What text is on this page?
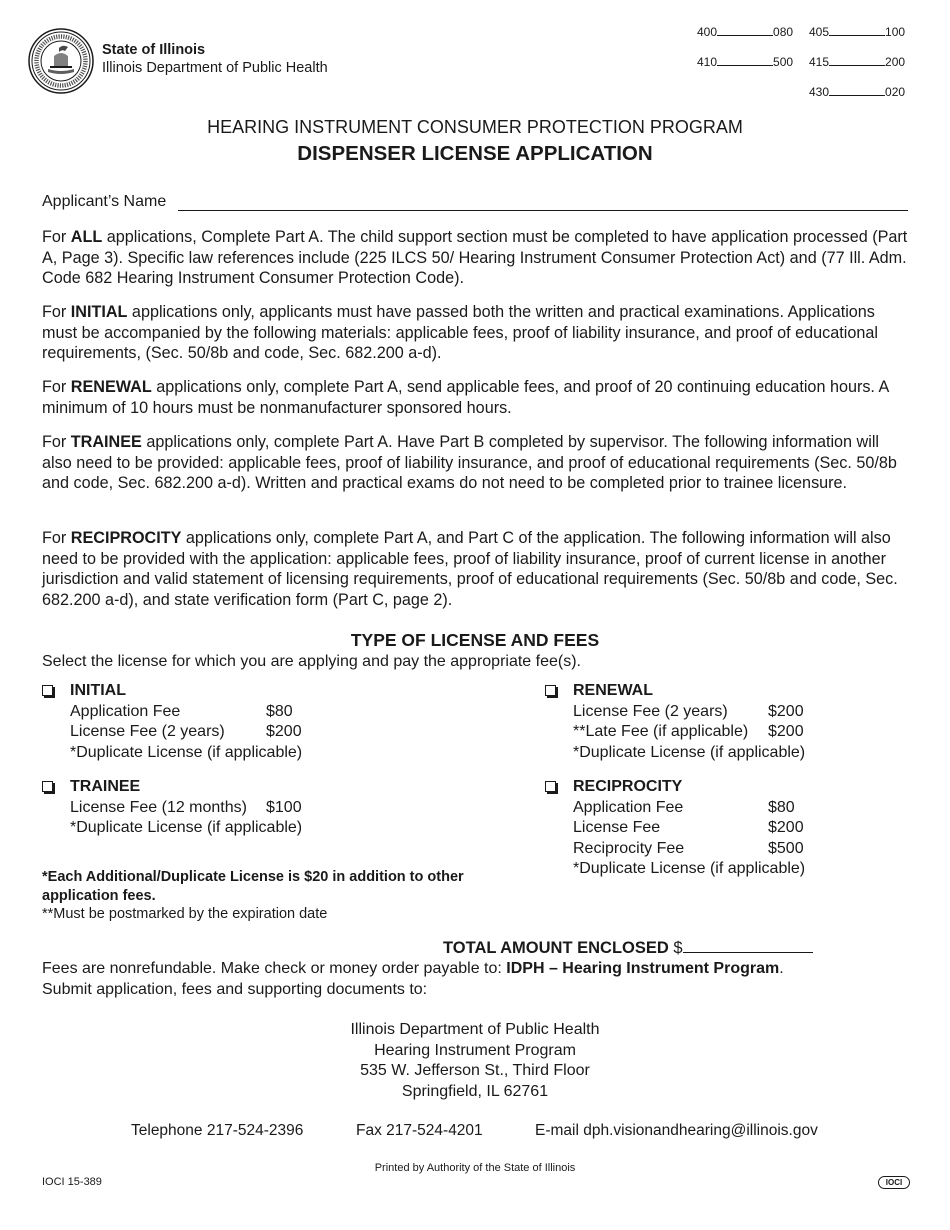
State of Illinois
Illinois Department of Public Health
400	080 405	100
410	500 415	200
430	020
HEARING INSTRUMENT CONSUMER PROTECTION PROGRAM
DISPENSER LICENSE APPLICATION
Applicant’s Name

For ALL applications, Complete Part A. The child support section must be completed to have application processed (Part A, Page 3). Specific law references include (225 ILCS 50/ Hearing Instrument Consumer Protection Act) and (77 Ill. Adm. Code 682 Hearing Instrument Consumer Protection Code).

For INITIAL applications only, applicants must have passed both the written and practical examinations. Applications must be accompanied by the following materials: applicable fees, proof of liability insurance, and proof of educational requirements, (Sec. 50/8b and code, Sec. 682.200 a-d).

For RENEWAL applications only, complete Part A, send applicable fees, and proof of 20 continuing education hours. A minimum of 10 hours must be nonmanufacturer sponsored hours.

For TRAINEE applications only, complete Part A. Have Part B completed by supervisor. The following information will also need to be provided: applicable fees, proof of liability insurance, and proof of educational requirements (Sec. 50/8b and code, Sec. 682.200 a-d). Written and practical exams do not need to be completed prior to trainee licensure.

For RECIPROCITY applications only, complete Part A, and Part C of the application. The following information will also need to be provided with the application: applicable fees, proof of liability insurance, proof of current license in another jurisdiction and valid statement of licensing requirements, proof of educational requirements (Sec. 50/8b and code, Sec. 682.200 a-d), and state verification form (Part C, page 2).

TYPE OF LICENSE AND FEES
Select the license for which you are applying and pay the appropriate fee(s).
INITIAL
Application Fee	$80
License Fee (2 years)	$200
*Duplicate License (if applicable)
TRAINEE
License Fee (12 months)	$100
*Duplicate License (if applicable)
RENEWAL
License Fee (2 years)	$200
**Late Fee (if applicable)	$200
*Duplicate License (if applicable)
RECIPROCITY
Application Fee	$80
License Fee	$200
Reciprocity Fee	$500
*Duplicate License (if applicable)
*Each Additional/Duplicate License is $20 in addition to other application fees.
**Must be postmarked by the expiration date
TOTAL AMOUNT ENCLOSED $
Fees are nonrefundable. Make check or money order payable to: IDPH – Hearing Instrument Program.
Submit application, fees and supporting documents to:
Illinois Department of Public Health
Hearing Instrument Program
535 W. Jefferson St., Third Floor
Springfield, IL 62761
Telephone 217-524-2396	Fax 217-524-4201	E-mail dph.visionandhearing@illinois.gov
Printed by Authority of the State of Illinois
IOCI 15-389	IOCI
